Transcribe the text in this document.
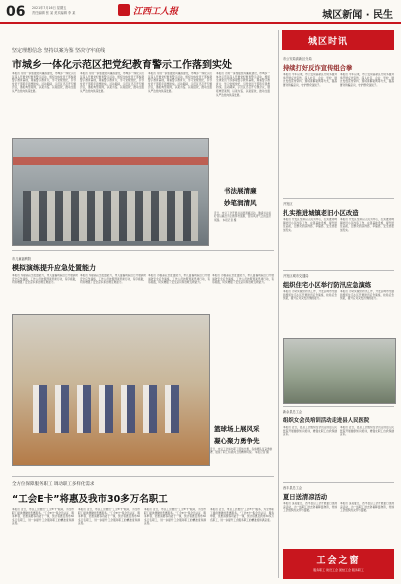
06 2021年7月16日 星期五
责任编辑 张 某 美术编辑 李 某	江西工人报	城区新闻 · 民生
坚定理想信念 坚持以案为鉴 坚决守牢底线
市城乡一体化示范区把党纪教育警示工作落到实处
本报讯 为进一步加强党风廉政建设，市城乡一体化示范区深入开展党纪教育警示活动，组织全体党员干部参观警示教育基地，观看警示教育片，学习党规党纪，引导党员干部筑牢思想防线。活动期间，示范区还召开专题会议，通报典型案例，以案为鉴、以案促改，推动全面从严治党向纵深发展。
本报讯 为进一步加强党风廉政建设，市城乡一体化示范区深入开展党纪教育警示活动，组织全体党员干部参观警示教育基地，观看警示教育片，学习党规党纪，引导党员干部筑牢思想防线。活动期间，示范区还召开专题会议，通报典型案例，以案为鉴、以案促改，推动全面从严治党向纵深发展。
本报讯 为进一步加强党风廉政建设，市城乡一体化示范区深入开展党纪教育警示活动，组织全体党员干部参观警示教育基地，观看警示教育片，学习党规党纪，引导党员干部筑牢思想防线。活动期间，示范区还召开专题会议，通报典型案例，以案为鉴、以案促改，推动全面从严治党向纵深发展。
本报讯 为进一步加强党风廉政建设，市城乡一体化示范区深入开展党纪教育警示活动，组织全体党员干部参观警示教育基地，观看警示教育片，学习党规党纪，引导党员干部筑牢思想防线。活动期间，示范区还召开专题会议，通报典型案例，以案为鉴、以案促改，推动全面从严治党向纵深发展。
书法展清廉
妙笔润清风
近日，市总工会开展书法展清廉活动，邀请书法爱好者以廉洁为主题挥毫泼墨，营造风清气正的良好氛围。 本报记者 摄
市儿童福利院
模拟演练提升应急处置能力
本报讯 为提高应急处置能力，市儿童福利院近日开展消防安全应急演练，工作人员按照预案迅速行动，有序疏散，切实增强了安全意识和自救互救能力。
本报讯 为提高应急处置能力，市儿童福利院近日开展消防安全应急演练，工作人员按照预案迅速行动，有序疏散，切实增强了安全意识和自救互救能力。
本报讯 为提高应急处置能力，市儿童福利院近日开展消防安全应急演练，工作人员按照预案迅速行动，有序疏散，切实增强了安全意识和自救互救能力。
本报讯 为提高应急处置能力，市儿童福利院近日开展消防安全应急演练，工作人员按照预案迅速行动，有序疏散，切实增强了安全意识和自救互救能力。
篮球场上展风采
凝心聚力勇争先
近日，市总工会举办职工篮球比赛，各参赛队伍奋勇拼搏，展现了职工积极向上的精神风貌。 本报记者 摄
全方位保障服务职工 调动职工多样化需求
“工会E卡”将惠及我市30多万名职工
本报讯 近日，市总工会推出“工会E卡”服务，为全市职工提供便捷的普惠服务。“工会E卡”集会员认证、服务申领、优惠消费等功能于一体，预计将惠及我市30多万名职工，进一步提升工会服务职工的精准度和满意度。
本报讯 近日，市总工会推出“工会E卡”服务，为全市职工提供便捷的普惠服务。“工会E卡”集会员认证、服务申领、优惠消费等功能于一体，预计将惠及我市30多万名职工，进一步提升工会服务职工的精准度和满意度。
本报讯 近日，市总工会推出“工会E卡”服务，为全市职工提供便捷的普惠服务。“工会E卡”集会员认证、服务申领、优惠消费等功能于一体，预计将惠及我市30多万名职工，进一步提升工会服务职工的精准度和满意度。
本报讯 近日，市总工会推出“工会E卡”服务，为全市职工提供便捷的普惠服务。“工会E卡”集会员认证、服务申领、优惠消费等功能于一体，预计将惠及我市30多万名职工，进一步提升工会服务职工的精准度和满意度。
城区时讯
市公安局高新区分局
持续打好反诈宣传组合拳
本报讯 今年以来，市公安局高新区分局多措并举开展反诈宣传，深入社区、企业、学校，通过发放宣传资料、现场讲解案例等方式，提高群众防骗意识，守护群众钱袋子。
本报讯 今年以来，市公安局高新区分局多措并举开展反诈宣传，深入社区、企业、学校，通过发放宣传资料、现场讲解案例等方式，提高群众防骗意识，守护群众钱袋子。
开发区
扎实推进城镇老旧小区改造
本报讯 开发区坚持以人民为中心，扎实推进城镇老旧小区改造工作，完善基础设施，提升居住品质，让群众的获得感、幸福感、安全感更加充实。
本报讯 开发区坚持以人民为中心，扎实推进城镇老旧小区改造工作，完善基础设施，提升居住品质，让群众的获得感、幸福感、安全感更加充实。
开发区城市交通局
组织住宅小区举行防汛应急演练
本报讯 为切实做好防汛工作，开发区城市交通局组织住宅小区开展防汛应急演练，检验应急预案，提升应对突发汛情的能力。
本报讯 为切实做好防汛工作，开发区城市交通局组织住宅小区开展防汛应急演练，检验应急预案，提升应对突发汛情的能力。
新余县总工会
组织女会员培训活动走进县人民医院
本报讯 近日，县总工会组织女会员走进县人民医院开展健康知识培训，增强女职工自我保健意识。
本报讯 近日，县总工会组织女会员走进县人民医院开展健康知识培训，增强女职工自我保健意识。
西丰县总工会
夏日送清凉活动
本报讯 炎炎夏日，西丰县总工会开展夏日送清凉活动，为一线职工送去防暑降温物资，传递工会组织的关怀与温暖。
本报讯 炎炎夏日，西丰县总工会开展夏日送清凉活动，为一线职工送去防暑降温物资，传递工会组织的关怀与温暖。
工会之窗
服务职工 建设工会 团结工会 服务职工
